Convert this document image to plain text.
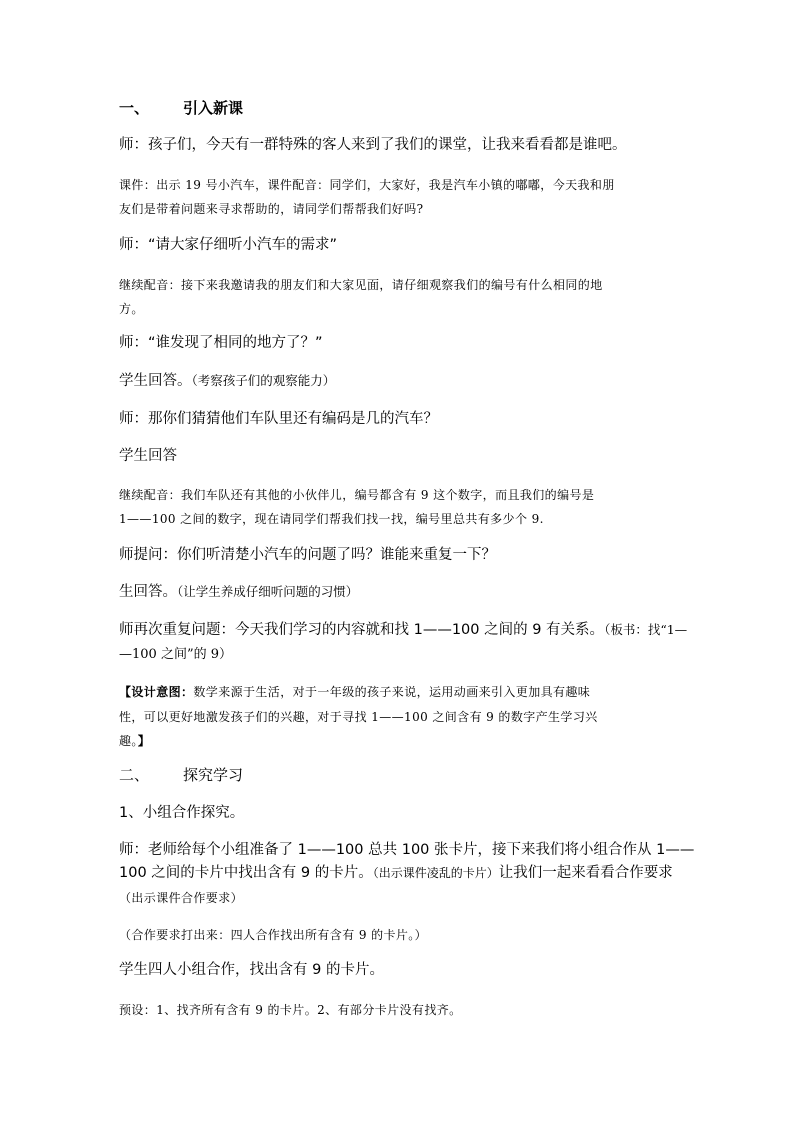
一、 引入新课
师：孩子们，今天有一群特殊的客人来到了我们的课堂，让我来看看都是谁吧。
课件：出示 19 号小汽车，课件配音：同学们，大家好，我是汽车小镇的嘟嘟，今天我和朋
友们是带着问题来寻求帮助的，请同学们帮帮我们好吗?
师：“请大家仔细听小汽车的需求”
继续配音：接下来我邀请我的朋友们和大家见面，请仔细观察我们的编号有什么相同的地
方。
师：“谁发现了相同的地方了？”
学生回答。（考察孩子们的观察能力）
师：那你们猜猜他们车队里还有编码是几的汽车？
学生回答
继续配音：我们车队还有其他的小伙伴儿，编号都含有 9 这个数字，而且我们的编号是
1——100 之间的数字，现在请同学们帮我们找一找，编号里总共有多少个 9.
师提问：你们听清楚小汽车的问题了吗？谁能来重复一下？
生回答。（让学生养成仔细听问题的习惯）
师再次重复问题：今天我们学习的内容就和找 1——100 之间的 9 有关系。（板书：找“1—
—100 之间”的 9）
【设计意图：数学来源于生活，对于一年级的孩子来说，运用动画来引入更加具有趣味
性，可以更好地激发孩子们的兴趣，对于寻找 1——100 之间含有 9 的数字产生学习兴
趣。】
二、 探究学习
1、小组合作探究。
师：老师给每个小组准备了 1——100 总共 100 张卡片，接下来我们将小组合作从 1——
100 之间的卡片中找出含有 9 的卡片。（出示课件凌乱的卡片）让我们一起来看看合作要求
（出示课件合作要求）
（合作要求打出来：四人合作找出所有含有 9 的卡片。）
学生四人小组合作，找出含有 9 的卡片。
预设：1、找齐所有含有 9 的卡片。2、有部分卡片没有找齐。
